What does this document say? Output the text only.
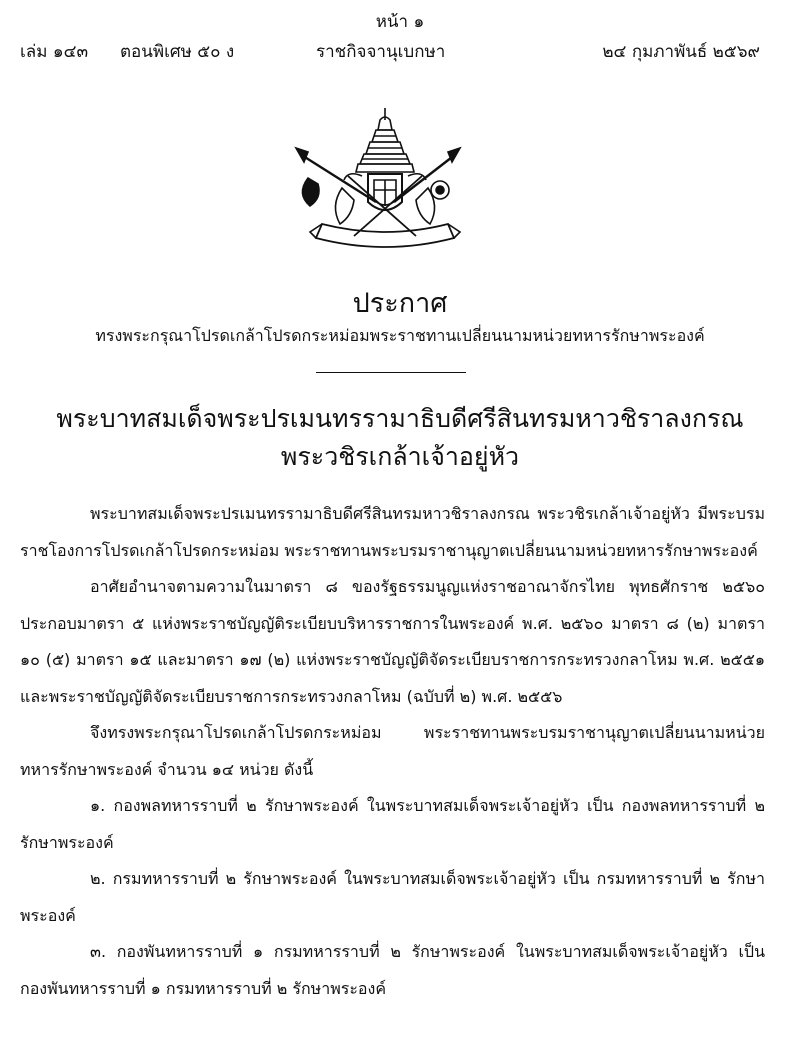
หน้า ๑
เล่ม ๑๔๓ ตอนพิเศษ ๕๐ ง	ราชกิจจานุเบกษา	๒๔ กุมภาพันธ์ ๒๕๖๙
ประกาศ
ทรงพระกรุณาโปรดเกล้าโปรดกระหม่อมพระราชทานเปลี่ยนนามหน่วยทหารรักษาพระองค์
พระบาทสมเด็จพระปรเมนทรรามาธิบดีศรีสินทรมหาวชิราลงกรณ
พระวชิรเกล้าเจ้าอยู่หัว

พระบาทสมเด็จพระปรเมนทรรามาธิบดีศรีสินทรมหาวชิราลงกรณ พระวชิรเกล้าเจ้าอยู่หัว มีพระบรมราชโองการโปรดเกล้าโปรดกระหม่อม พระราชทานพระบรมราชานุญาตเปลี่ยนนามหน่วยทหารรักษาพระองค์

อาศัยอำนาจตามความในมาตรา ๘ ของรัฐธรรมนูญแห่งราชอาณาจักรไทย พุทธศักราช ๒๕๖๐ ประกอบมาตรา ๕ แห่งพระราชบัญญัติระเบียบบริหารราชการในพระองค์ พ.ศ. ๒๕๖๐ มาตรา ๘ (๒) มาตรา ๑๐ (๕) มาตรา ๑๕ และมาตรา ๑๗ (๒) แห่งพระราชบัญญัติจัดระเบียบราชการกระทรวงกลาโหม พ.ศ. ๒๕๕๑ และพระราชบัญญัติจัดระเบียบราชการกระทรวงกลาโหม (ฉบับที่ ๒) พ.ศ. ๒๕๕๖

จึงทรงพระกรุณาโปรดเกล้าโปรดกระหม่อม พระราชทานพระบรมราชานุญาตเปลี่ยนนามหน่วยทหารรักษาพระองค์ จำนวน ๑๔ หน่วย ดังนี้

๑. กองพลทหารราบที่ ๒ รักษาพระองค์ ในพระบาทสมเด็จพระเจ้าอยู่หัว เป็น กองพลทหารราบที่ ๒ รักษาพระองค์

๒. กรมทหารราบที่ ๒ รักษาพระองค์ ในพระบาทสมเด็จพระเจ้าอยู่หัว เป็น กรมทหารราบที่ ๒ รักษาพระองค์

๓. กองพันทหารราบที่ ๑ กรมทหารราบที่ ๒ รักษาพระองค์ ในพระบาทสมเด็จพระเจ้าอยู่หัว เป็น กองพันทหารราบที่ ๑ กรมทหารราบที่ ๒ รักษาพระองค์
